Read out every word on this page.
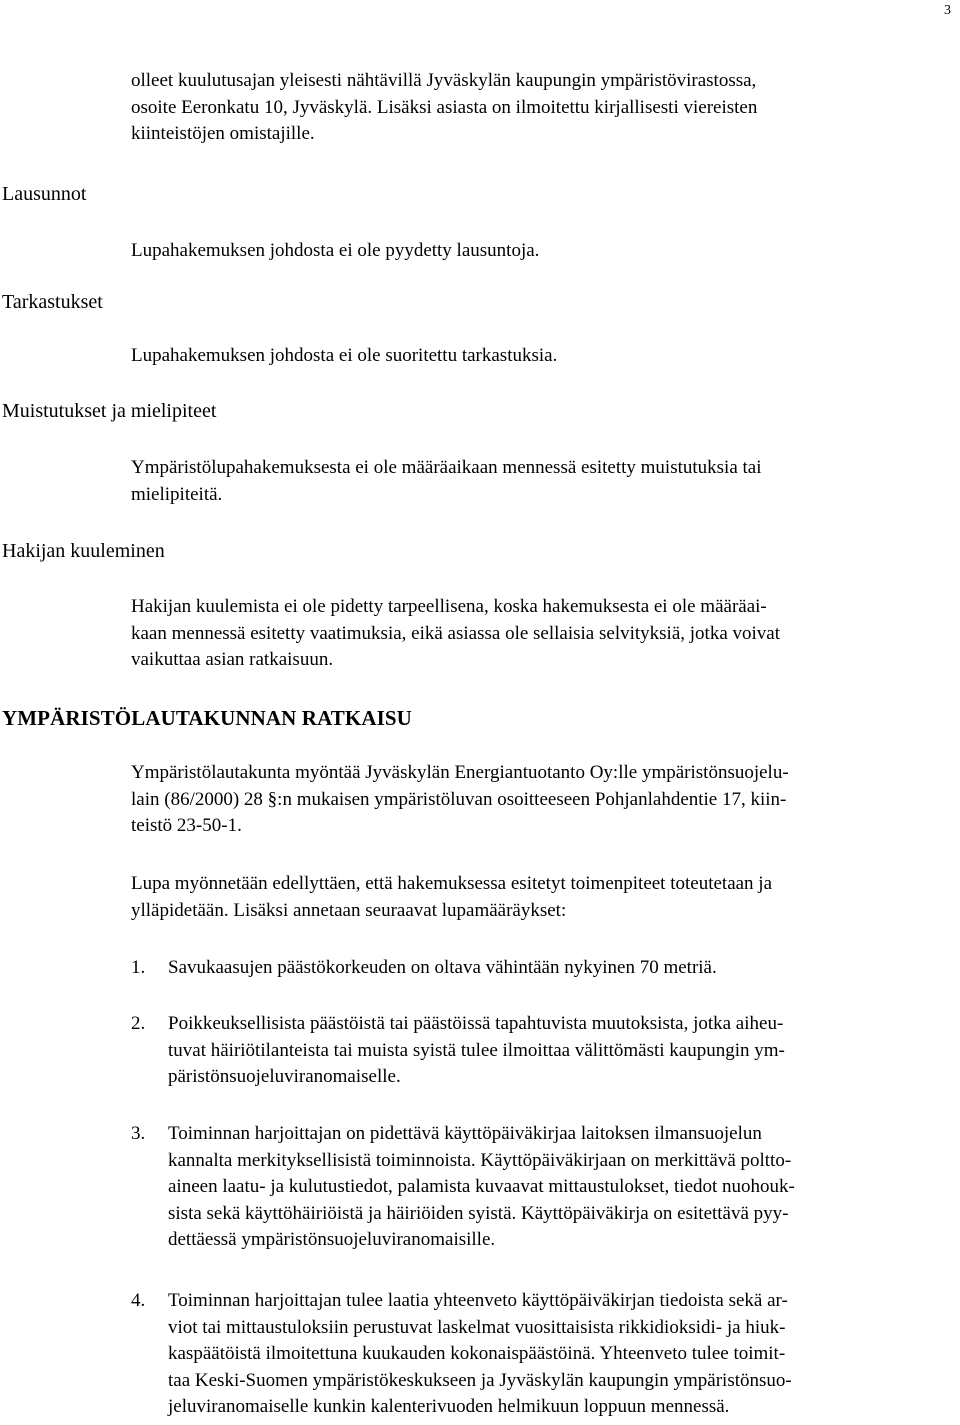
3
olleet kuulutusajan yleisesti nähtävillä Jyväskylän kaupungin ympäristövirastossa,
osoite Eeronkatu 10, Jyväskylä. Lisäksi asiasta on ilmoitettu kirjallisesti viereisten
kiinteistöjen omistajille.
Lausunnot
Lupahakemuksen johdosta ei ole pyydetty lausuntoja.
Tarkastukset
Lupahakemuksen johdosta ei ole suoritettu tarkastuksia.
Muistutukset ja mielipiteet
Ympäristölupahakemuksesta ei ole määräaikaan mennessä esitetty muistutuksia tai
mielipiteitä.
Hakijan kuuleminen
Hakijan kuulemista ei ole pidetty tarpeellisena, koska hakemuksesta ei ole määräai-
kaan mennessä esitetty vaatimuksia, eikä asiassa ole sellaisia selvityksiä, jotka voivat
vaikuttaa asian ratkaisuun.
YMPÄRISTÖLAUTAKUNNAN RATKAISU
Ympäristölautakunta myöntää Jyväskylän Energiantuotanto Oy:lle ympäristönsuojelu-
lain (86/2000) 28 §:n mukaisen ympäristöluvan osoitteeseen Pohjanlahdentie 17, kiin-
teistö 23-50-1.
Lupa myönnetään edellyttäen, että hakemuksessa esitetyt toimenpiteet toteutetaan ja
ylläpidetään. Lisäksi annetaan seuraavat lupamääräykset:
1. Savukaasujen päästökorkeuden on oltava vähintään nykyinen 70 metriä.
2. Poikkeuksellisista päästöistä tai päästöissä tapahtuvista muutoksista, jotka aiheu-
tuvat häiriötilanteista tai muista syistä tulee ilmoittaa välittömästi kaupungin ym-
päristönsuojeluviranomaiselle.
3. Toiminnan harjoittajan on pidettävä käyttöpäiväkirjaa laitoksen ilmansuojelun
kannalta merkityksellisistä toiminnoista. Käyttöpäiväkirjaan on merkittävä poltto-
aineen laatu- ja kulutustiedot, palamista kuvaavat mittaustulokset, tiedot nuohouk-
sista sekä käyttöhäiriöistä ja häiriöiden syistä. Käyttöpäiväkirja on esitettävä pyy-
dettäessä ympäristönsuojeluviranomaisille.
4. Toiminnan harjoittajan tulee laatia yhteenveto käyttöpäiväkirjan tiedoista sekä ar-
viot tai mittaustuloksiin perustuvat laskelmat vuosittaisista rikkidioksidi- ja hiuk-
kaspäätöistä ilmoitettuna kuukauden kokonaispäästöinä. Yhteenveto tulee toimit-
taa Keski-Suomen ympäristökeskukseen ja Jyväskylän kaupungin ympäristönsuo-
jeluviranomaiselle kunkin kalenterivuoden helmikuun loppuun mennessä.
